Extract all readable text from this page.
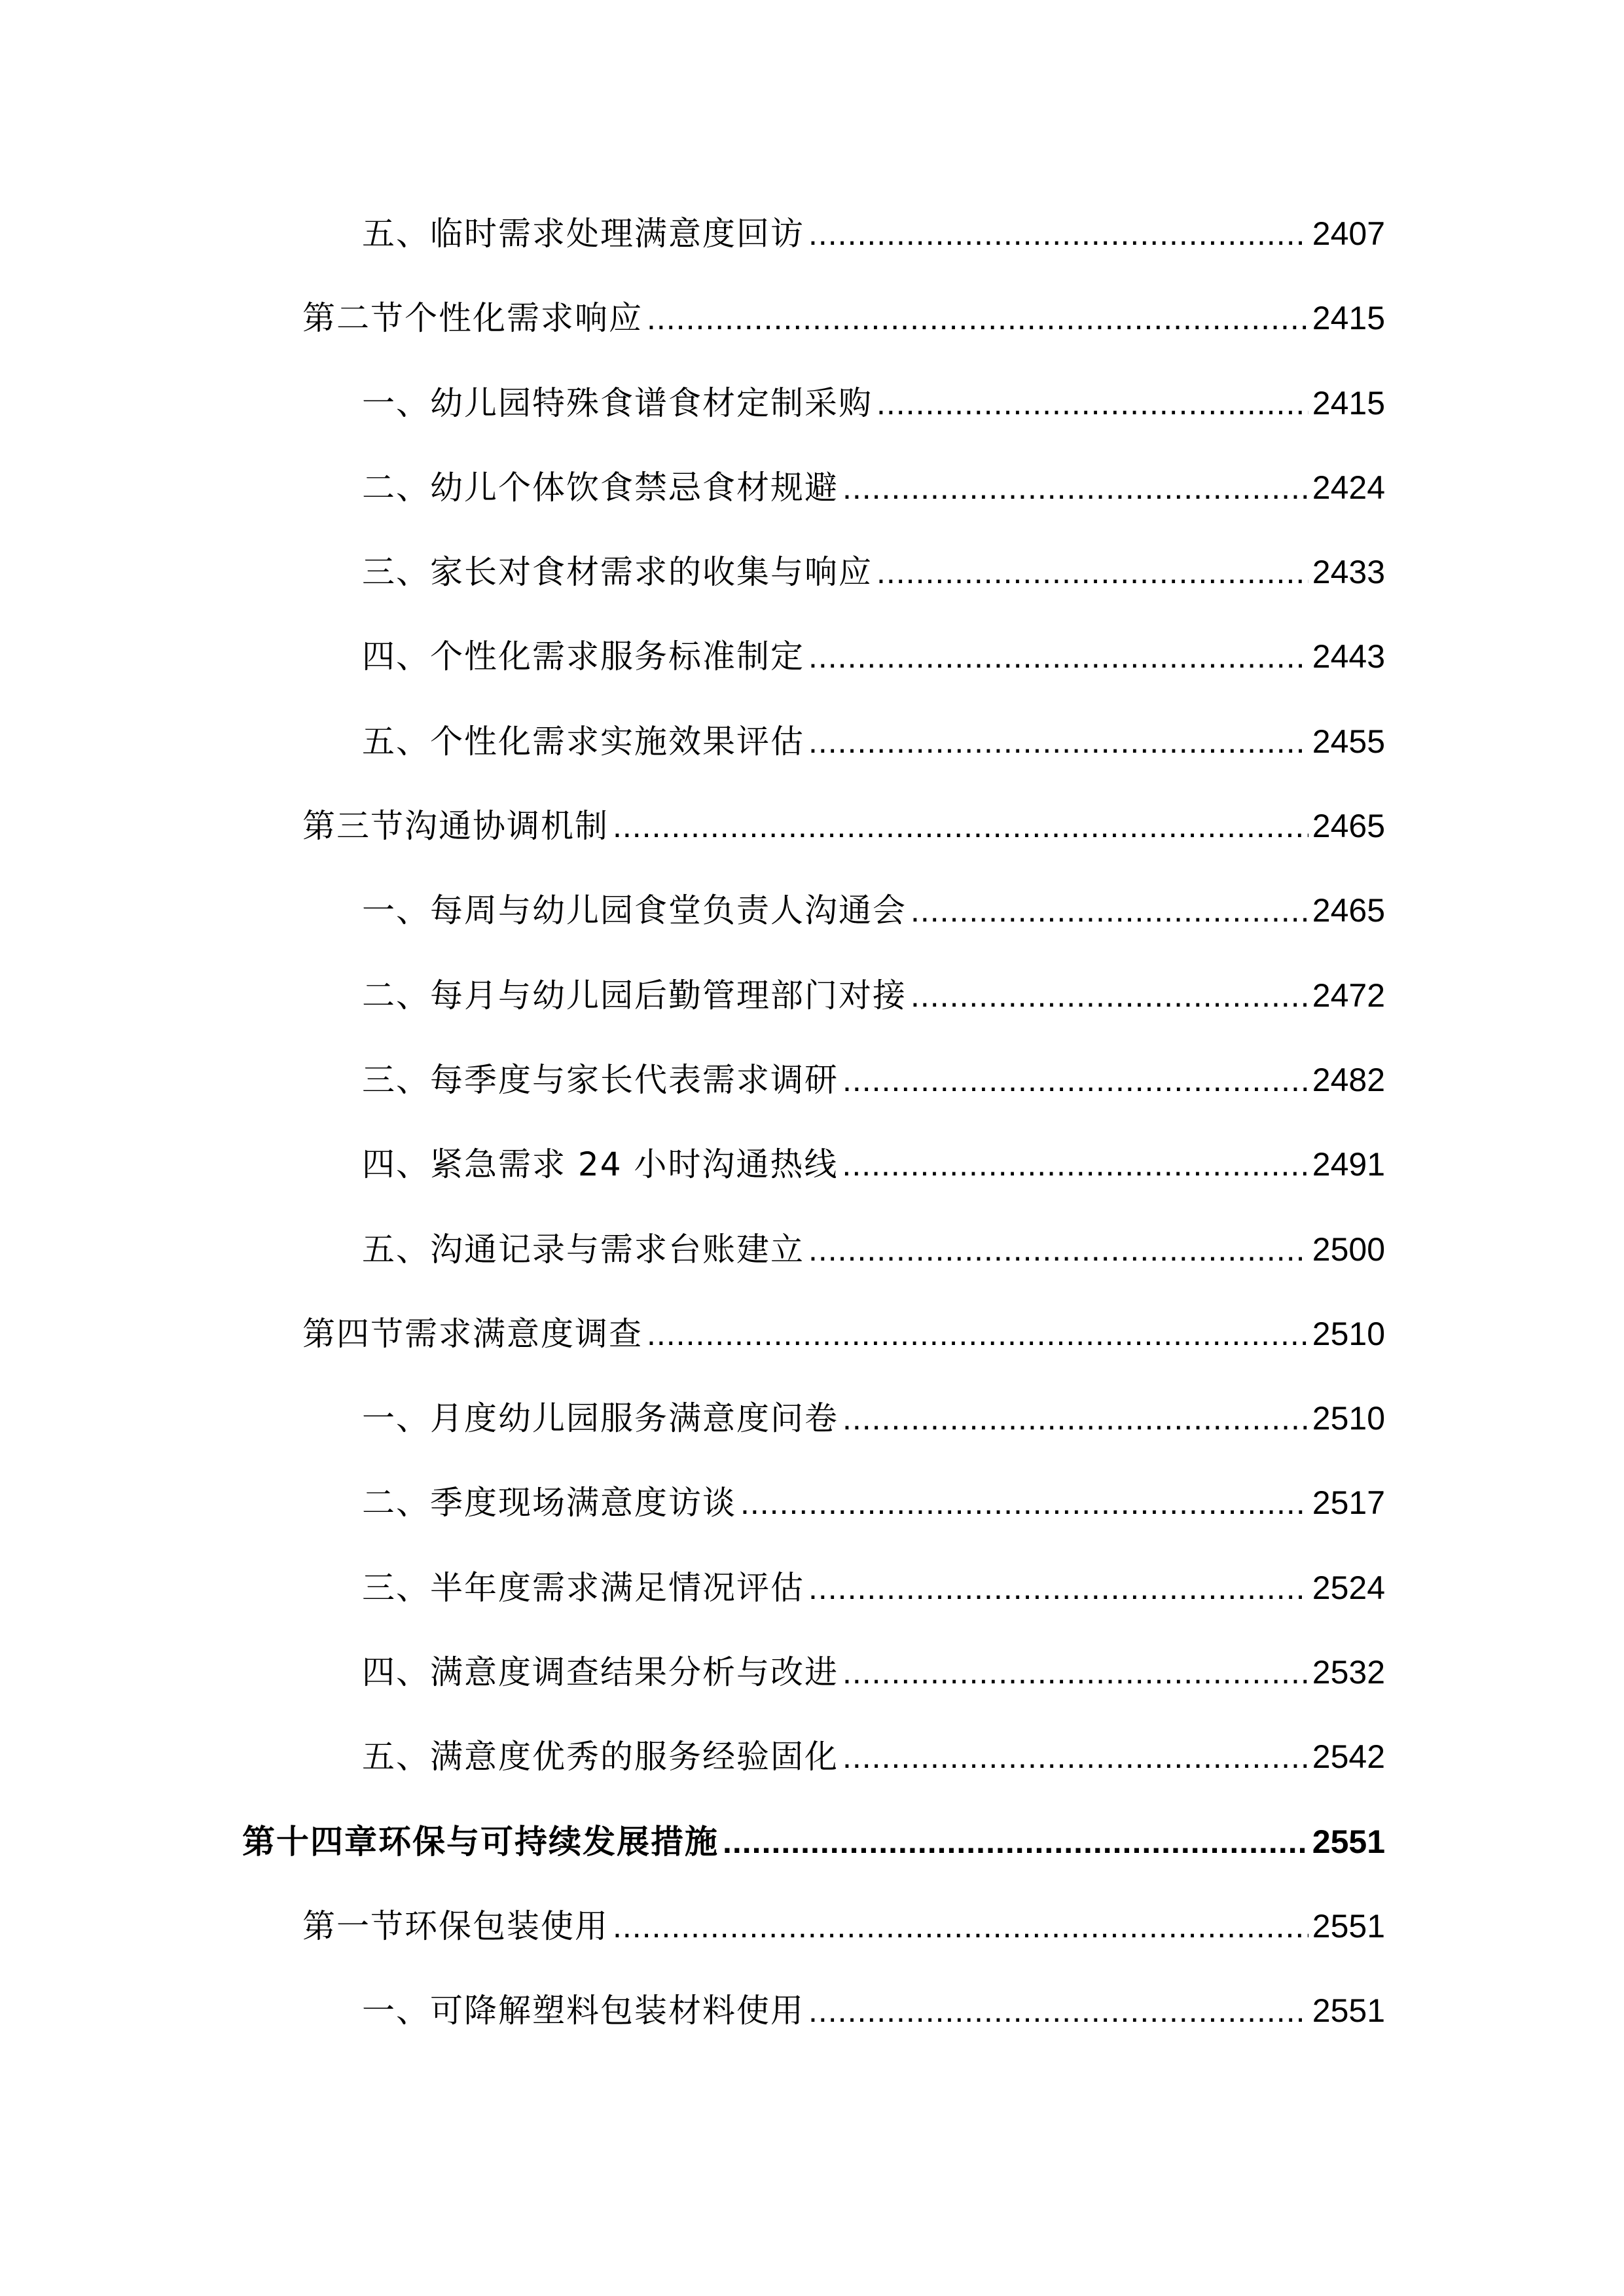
五、临时需求处理满意度回访 .....	2407
第二节个性化需求响应 .....	2415
一、幼儿园特殊食谱食材定制采购 .....	2415
二、幼儿个体饮食禁忌食材规避 .....	2424
三、家长对食材需求的收集与响应 .....	2433
四、个性化需求服务标准制定 .....	2443
五、个性化需求实施效果评估 .....	2455
第三节沟通协调机制 .....	2465
一、每周与幼儿园食堂负责人沟通会 .....	2465
二、每月与幼儿园后勤管理部门对接 .....	2472
三、每季度与家长代表需求调研 .....	2482
四、紧急需求 24 小时沟通热线 .....	2491
五、沟通记录与需求台账建立 .....	2500
第四节需求满意度调查 .....	2510
一、月度幼儿园服务满意度问卷 .....	2510
二、季度现场满意度访谈 .....	2517
三、半年度需求满足情况评估 .....	2524
四、满意度调查结果分析与改进 .....	2532
五、满意度优秀的服务经验固化 .....	2542
第十四章环保与可持续发展措施 .....	2551
第一节环保包装使用 .....	2551
一、可降解塑料包装材料使用 .....	2551
